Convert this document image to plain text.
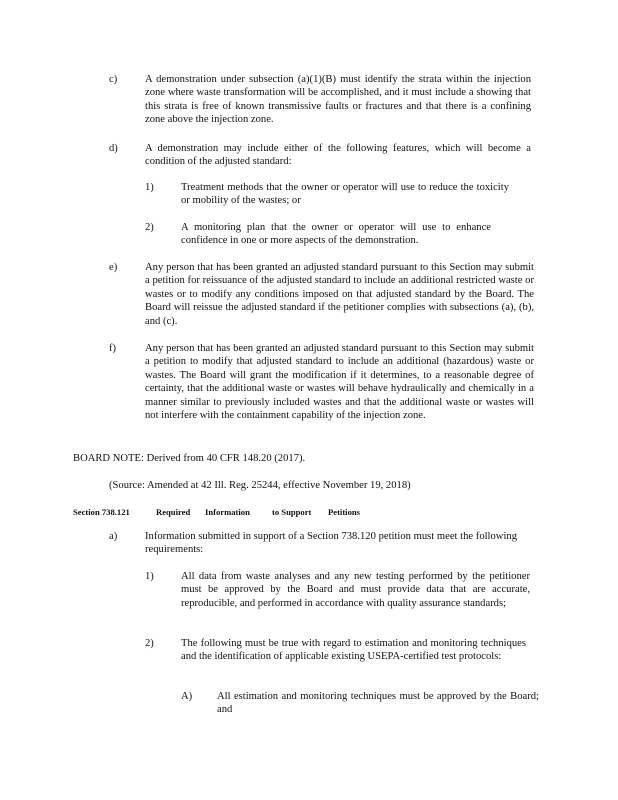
c)	A demonstration under subsection (a)(1)(B) must identify the strata within the injection zone where waste transformation will be accomplished, and it must include a showing that this strata is free of known transmissive faults or fractures and that there is a confining zone above the injection zone.
d)	A demonstration may include either of the following features, which will become a condition of the adjusted standard:
1)	Treatment methods that the owner or operator will use to reduce the toxicity or mobility of the wastes; or
2)	A monitoring plan that the owner or operator will use to enhance confidence in one or more aspects of the demonstration.
e)	Any person that has been granted an adjusted standard pursuant to this Section may submit a petition for reissuance of the adjusted standard to include an additional restricted waste or wastes or to modify any conditions imposed on that adjusted standard by the Board. The Board will reissue the adjusted standard if the petitioner complies with subsections (a), (b), and (c).
f)	Any person that has been granted an adjusted standard pursuant to this Section may submit a petition to modify that adjusted standard to include an additional (hazardous) waste or wastes. The Board will grant the modification if it determines, to a reasonable degree of certainty, that the additional waste or wastes will behave hydraulically and chemically in a manner similar to previously included wastes and that the additional waste or wastes will not interfere with the containment capability of the injection zone.
BOARD NOTE: Derived from 40 CFR 148.20 (2017).
(Source: Amended at 42 Ill. Reg. 25244, effective November 19, 2018)
Section 738.121	Required Information	to Support Petitions
a)	Information submitted in support of a Section 738.120 petition must meet the following requirements:
1)	All data from waste analyses and any new testing performed by the petitioner must be approved by the Board and must provide data that are accurate, reproducible, and performed in accordance with quality assurance standards;
2)	The following must be true with regard to estimation and monitoring techniques and the identification of applicable existing USEPA-certified test protocols:
A) All estimation and monitoring techniques must be approved by the Board; and
